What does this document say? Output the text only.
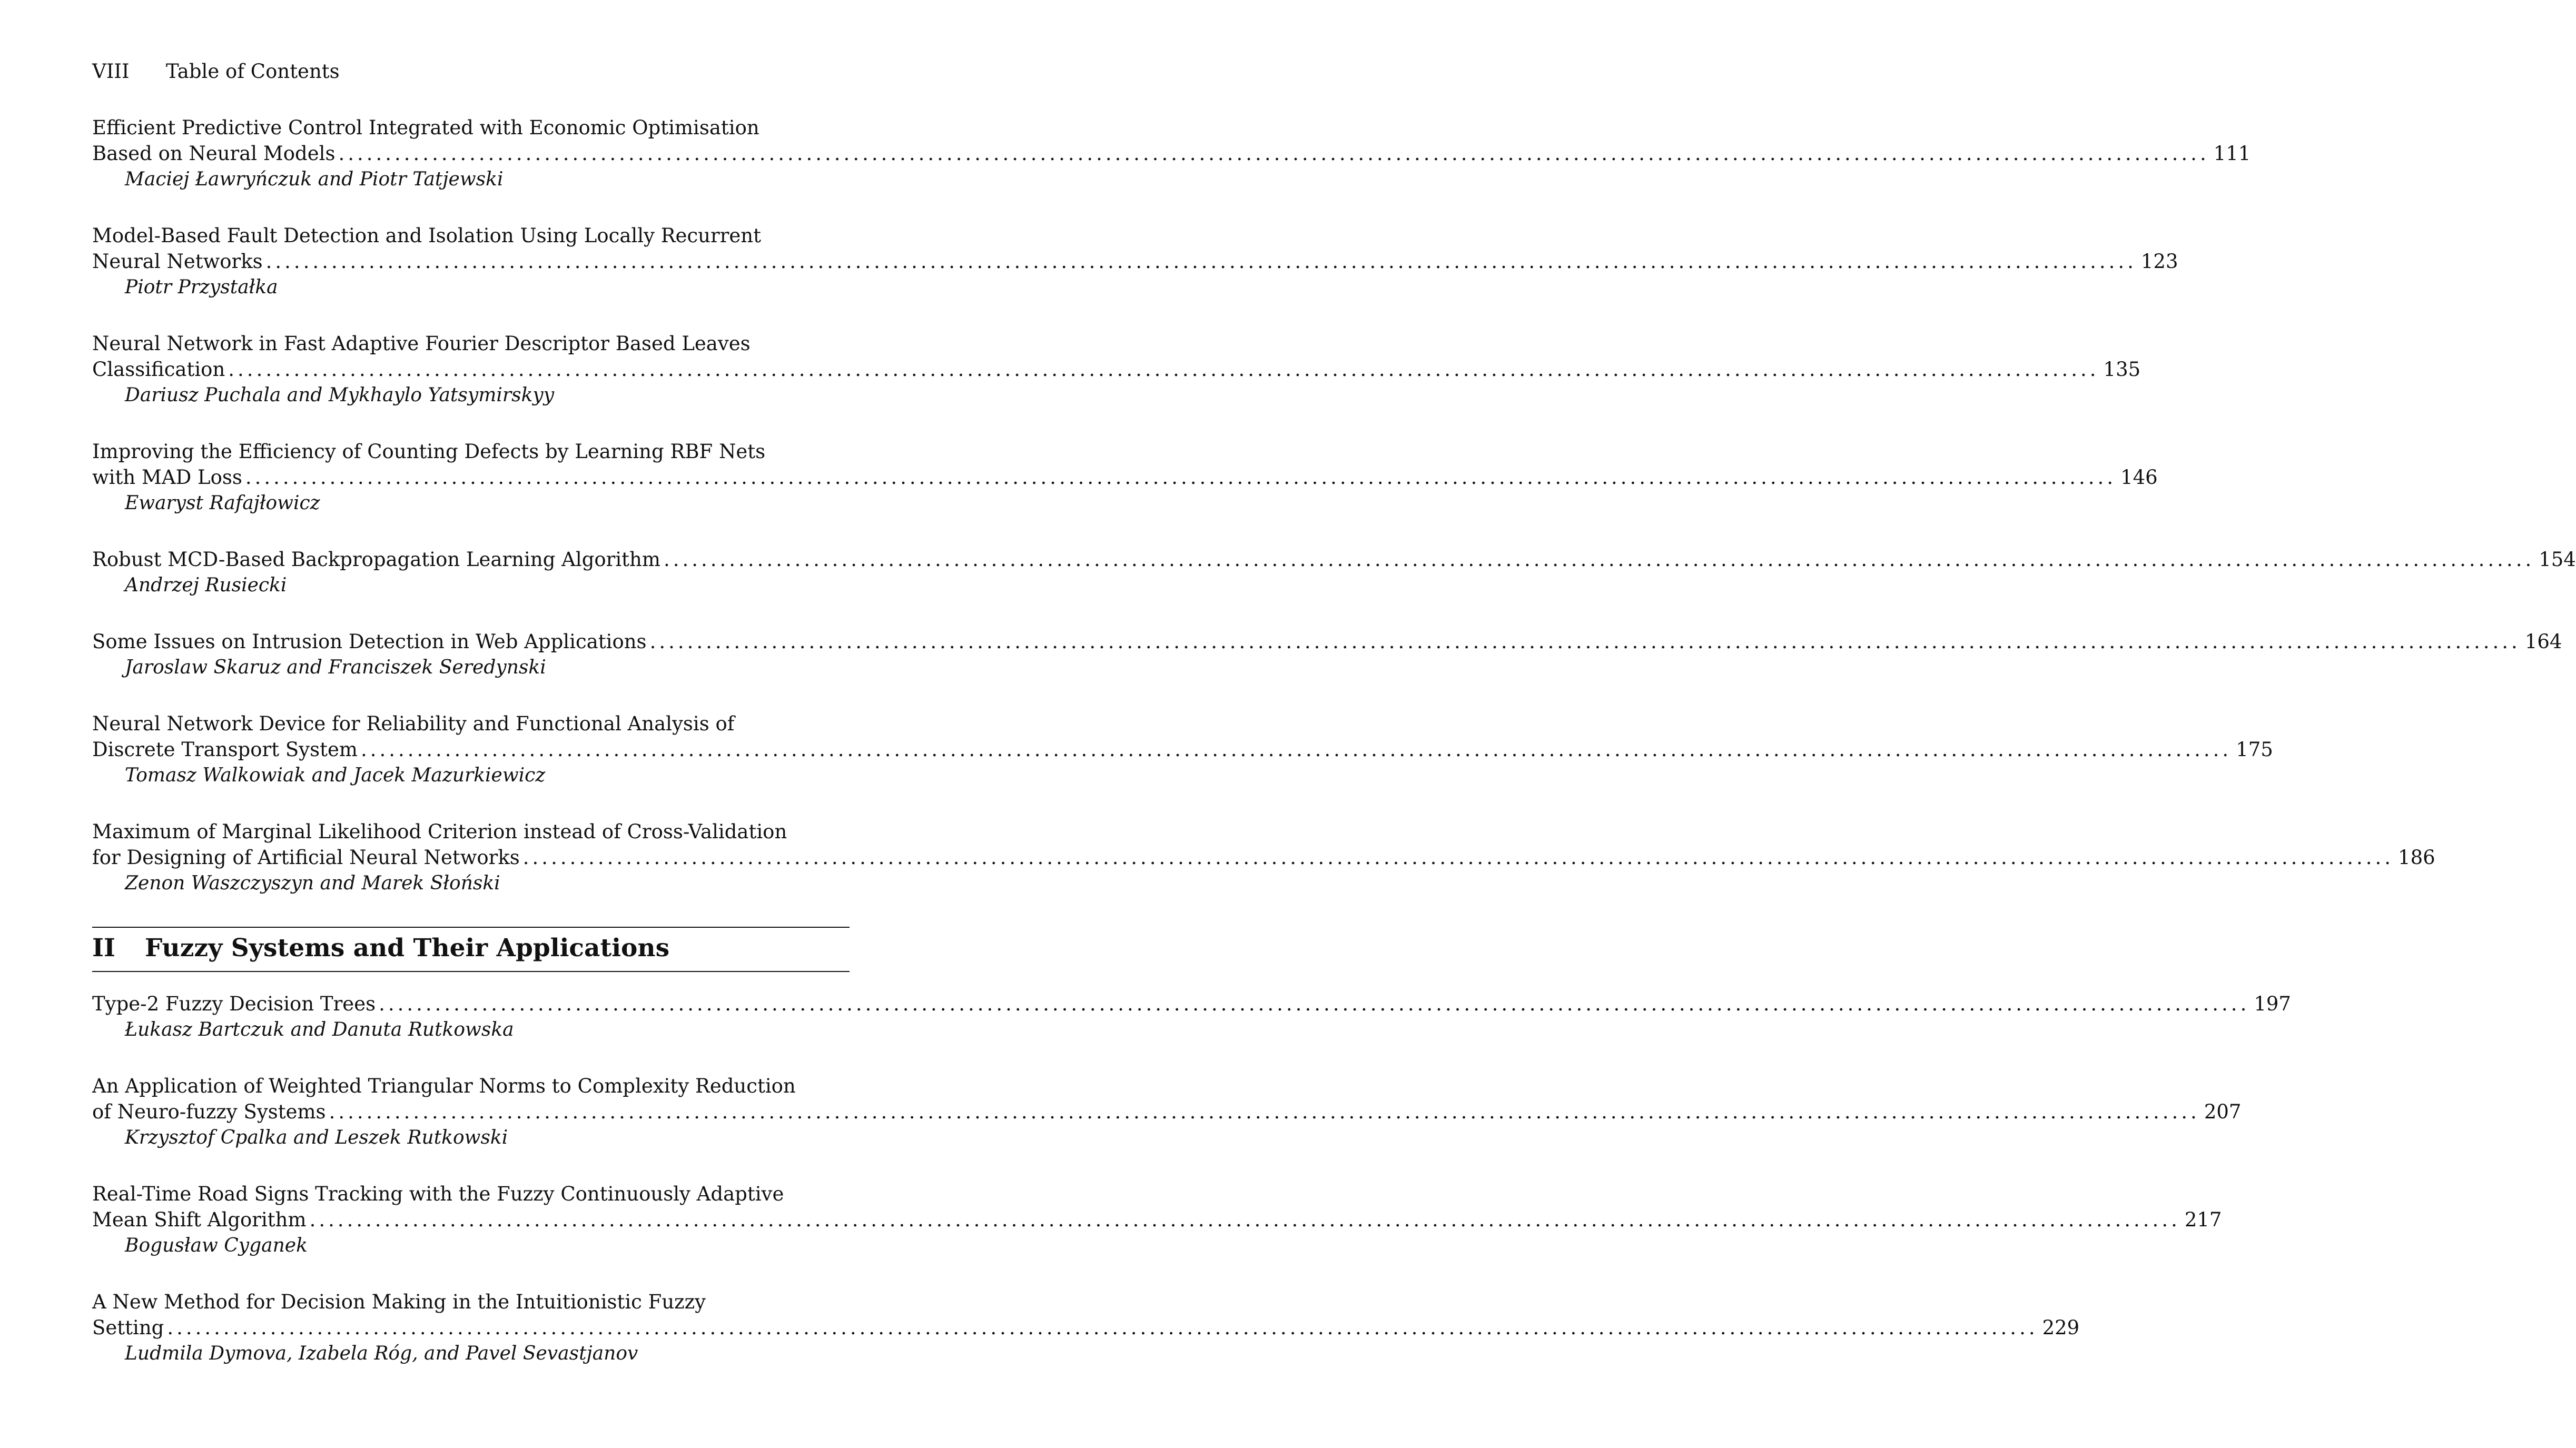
VIII Table of Contents
Efficient Predictive Control Integrated with Economic Optimisation
Based on Neural Models ........................................................................................................................................................................................................ 111
Maciej Ławryńczuk and Piotr Tatjewski
Model-Based Fault Detection and Isolation Using Locally Recurrent
Neural Networks ........................................................................................................................................................................................................ 123
Piotr Przystałka
Neural Network in Fast Adaptive Fourier Descriptor Based Leaves
Classification ........................................................................................................................................................................................................ 135
Dariusz Puchala and Mykhaylo Yatsymirskyy
Improving the Efficiency of Counting Defects by Learning RBF Nets
with MAD Loss ........................................................................................................................................................................................................ 146
Ewaryst Rafajłowicz
Robust MCD-Based Backpropagation Learning Algorithm ........................................................................................................................................................................................................ 154
Andrzej Rusiecki
Some Issues on Intrusion Detection in Web Applications ........................................................................................................................................................................................................ 164
Jaroslaw Skaruz and Franciszek Seredynski
Neural Network Device for Reliability and Functional Analysis of
Discrete Transport System ........................................................................................................................................................................................................ 175
Tomasz Walkowiak and Jacek Mazurkiewicz
Maximum of Marginal Likelihood Criterion instead of Cross-Validation
for Designing of Artificial Neural Networks ........................................................................................................................................................................................................ 186
Zenon Waszczyszyn and Marek Słoński
II	Fuzzy Systems and Their Applications
Type-2 Fuzzy Decision Trees ........................................................................................................................................................................................................ 197
Łukasz Bartczuk and Danuta Rutkowska
An Application of Weighted Triangular Norms to Complexity Reduction
of Neuro-fuzzy Systems ........................................................................................................................................................................................................ 207
Krzysztof Cpalka and Leszek Rutkowski
Real-Time Road Signs Tracking with the Fuzzy Continuously Adaptive
Mean Shift Algorithm ........................................................................................................................................................................................................ 217
Bogusław Cyganek
A New Method for Decision Making in the Intuitionistic Fuzzy
Setting ........................................................................................................................................................................................................ 229
Ludmila Dymova, Izabela Róg, and Pavel Sevastjanov
